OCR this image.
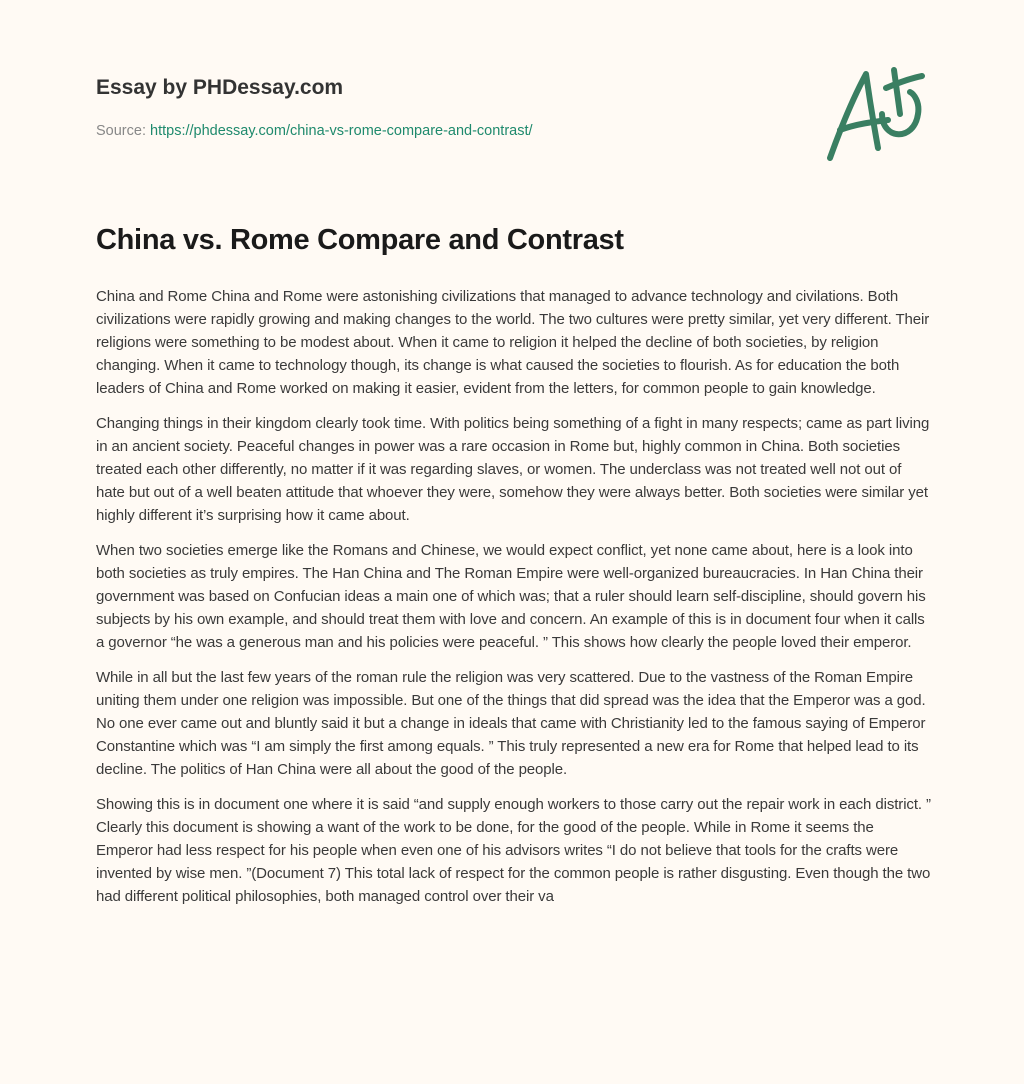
Essay by PHDessay.com
Source: https://phdessay.com/china-vs-rome-compare-and-contrast/
China vs. Rome Compare and Contrast

China and Rome China and Rome were astonishing civilizations that managed to advance technology and civilations. Both civilizations were rapidly growing and making changes to the world. The two cultures were pretty similar, yet very different. Their religions were something to be modest about. When it came to religion it helped the decline of both societies, by religion changing. When it came to technology though, its change is what caused the societies to flourish. As for education the both leaders of China and Rome worked on making it easier, evident from the letters, for common people to gain knowledge.

Changing things in their kingdom clearly took time. With politics being something of a fight in many respects; came as part living in an ancient society. Peaceful changes in power was a rare occasion in Rome but, highly common in China. Both societies treated each other differently, no matter if it was regarding slaves, or women. The underclass was not treated well not out of hate but out of a well beaten attitude that whoever they were, somehow they were always better. Both societies were similar yet highly different it’s surprising how it came about.

When two societies emerge like the Romans and Chinese, we would expect conflict, yet none came about, here is a look into both societies as truly empires. The Han China and The Roman Empire were well-organized bureaucracies. In Han China their government was based on Confucian ideas a main one of which was; that a ruler should learn self-discipline, should govern his subjects by his own example, and should treat them with love and concern. An example of this is in document four when it calls a governor “he was a generous man and his policies were peaceful. ” This shows how clearly the people loved their emperor.

While in all but the last few years of the roman rule the religion was very scattered. Due to the vastness of the Roman Empire uniting them under one religion was impossible. But one of the things that did spread was the idea that the Emperor was a god. No one ever came out and bluntly said it but a change in ideals that came with Christianity led to the famous saying of Emperor Constantine which was “I am simply the first among equals. ” This truly represented a new era for Rome that helped lead to its decline. The politics of Han China were all about the good of the people.

Showing this is in document one where it is said “and supply enough workers to those carry out the repair work in each district. ” Clearly this document is showing a want of the work to be done, for the good of the people. While in Rome it seems the Emperor had less respect for his people when even one of his advisors writes “I do not believe that tools for the crafts were invented by wise men. ”(Document 7) This total lack of respect for the common people is rather disgusting. Even though the two had different political philosophies, both managed control over their va
